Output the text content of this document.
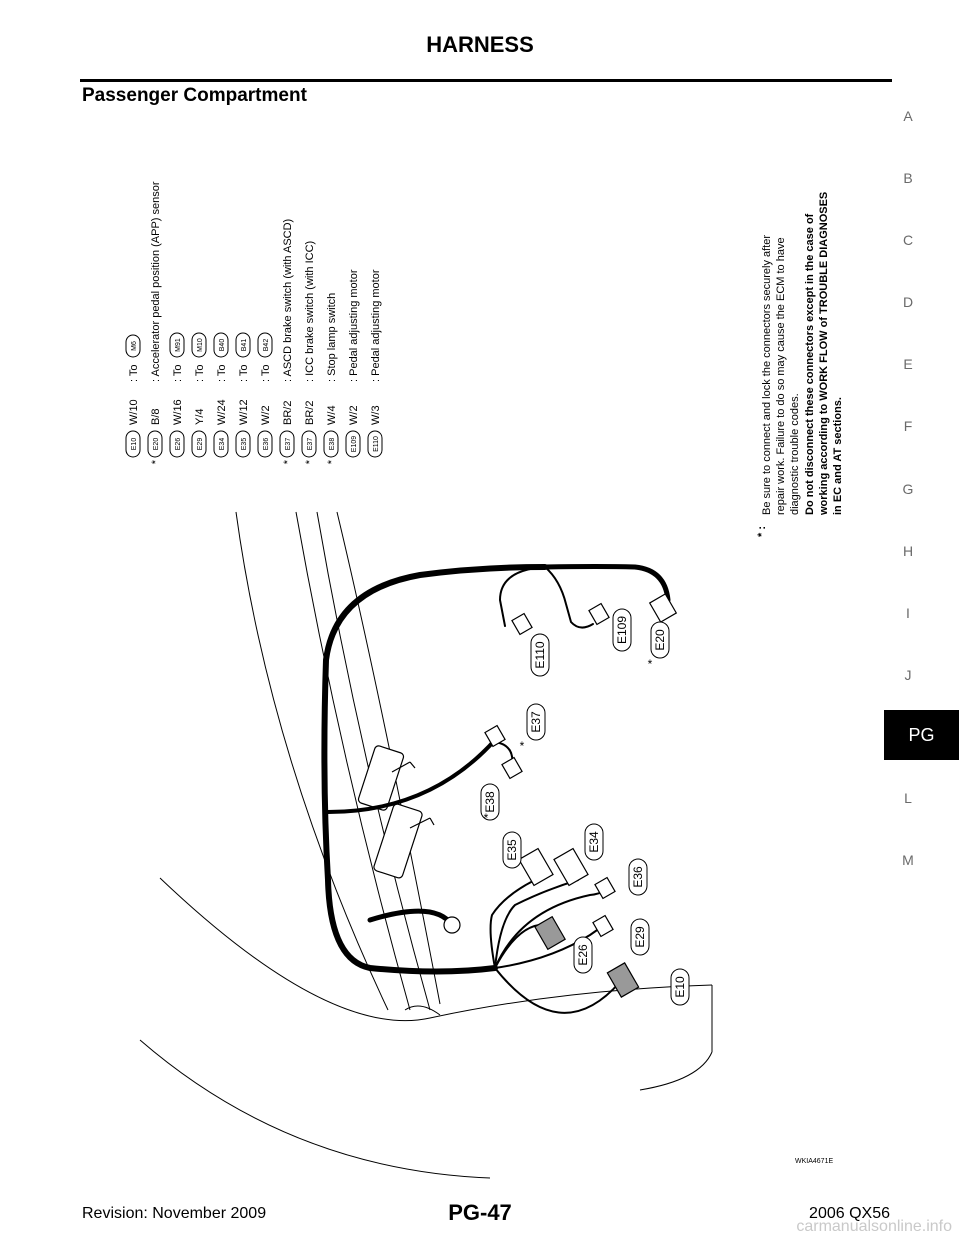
HARNESS
Passenger Compartment
A
B
C
D
E
F
G
H
I
J
PG
L
M
E10
E26
E29
E36
E34
E35
E38
E37
E110
E109 E20
*
*
*
E10
W/10
: To
M6
*
E20
B/8
: Accelerator pedal position (APP) sensor
E26
W/16
: To
M91
E29
Y/4
: To
M10
E34
W/24
: To
B40
E35
W/12
: To
B41
E36
W/2
: To
B42
*
E37
BR/2
: ASCD brake switch (with ASCD)
*
E37
BR/2
: ICC brake switch (with ICC)
*
E38
W/4
: Stop lamp switch
E109
W/2
: Pedal adjusting motor
E110
W/3
: Pedal adjusting motor
* :
Be sure to connect and lock the connectors securely after repair work. Failure to do so may cause the ECM to have diagnostic trouble codes. Do not disconnect these connectors except in the case of working according to WORK FLOW of TROUBLE DIAGNOSES in EC and AT sections.
WKIA4671E
Revision: November 2009	PG-47	2006 QX56
carmanualsonline.info
